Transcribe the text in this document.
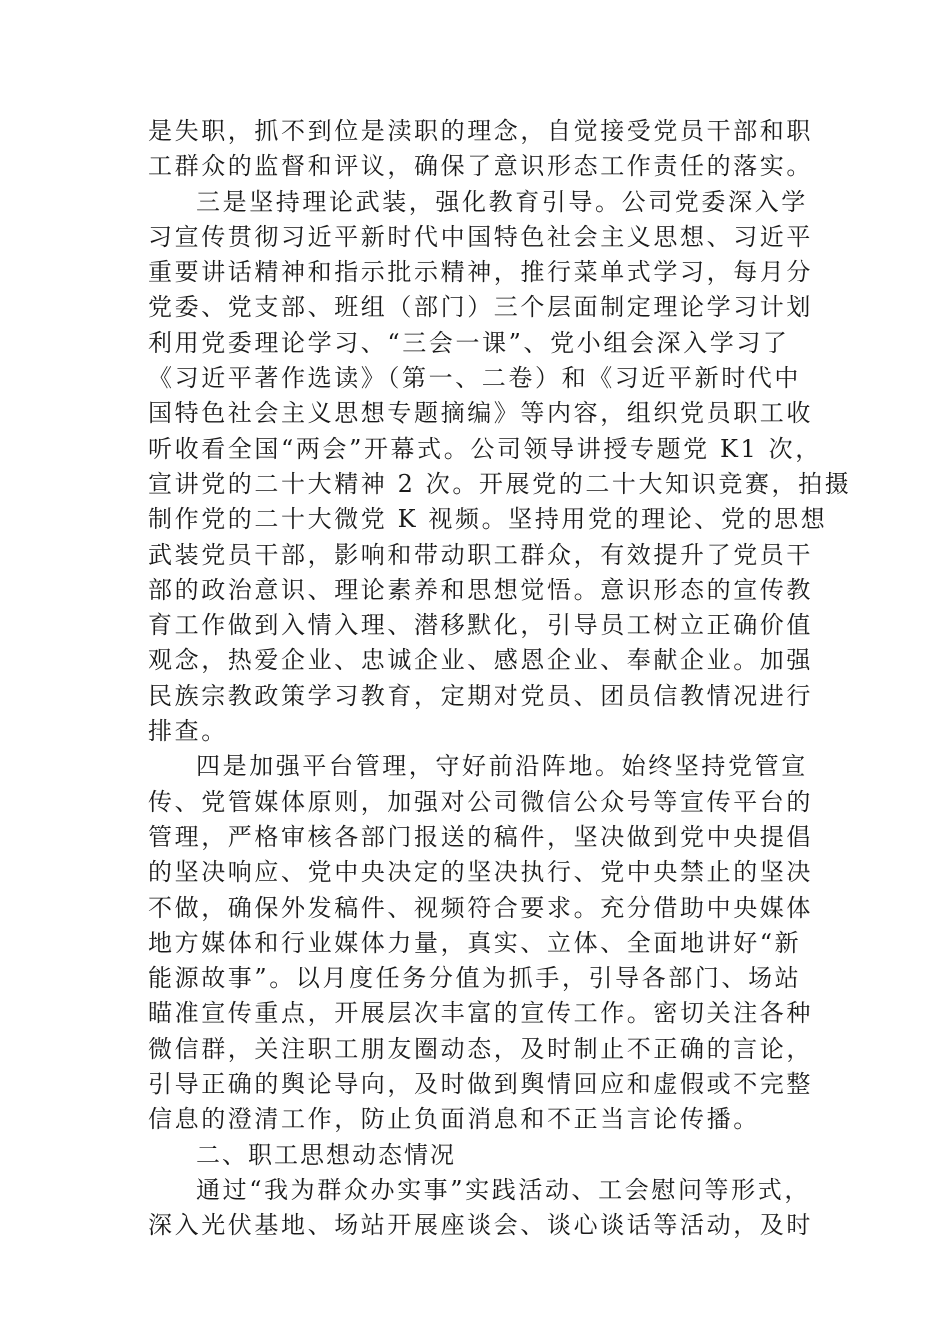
是失职，抓不到位是渎职的理念，自觉接受党员干部和职
工群众的监督和评议，确保了意识形态工作责任的落实。
三是坚持理论武装，强化教育引导。公司党委深入学
习宣传贯彻习近平新时代中国特色社会主义思想、习近平
重要讲话精神和指示批示精神，推行菜单式学习，每月分
党委、党支部、班组（部门）三个层面制定理论学习计划
利用党委理论学习、“三会一课”、党小组会深入学习了
《习近平著作选读》（第一、二卷）和《习近平新时代中
国特色社会主义思想专题摘编》等内容，组织党员职工收
听收看全国“两会”开幕式。公司领导讲授专题党 K1 次，
宣讲党的二十大精神 2 次。开展党的二十大知识竞赛，拍摄
制作党的二十大微党 K 视频。坚持用党的理论、党的思想
武装党员干部，影响和带动职工群众，有效提升了党员干
部的政治意识、理论素养和思想觉悟。意识形态的宣传教
育工作做到入情入理、潜移默化，引导员工树立正确价值
观念，热爱企业、忠诚企业、感恩企业、奉献企业。加强
民族宗教政策学习教育，定期对党员、团员信教情况进行
排查。
四是加强平台管理，守好前沿阵地。始终坚持党管宣
传、党管媒体原则，加强对公司微信公众号等宣传平台的
管理，严格审核各部门报送的稿件，坚决做到党中央提倡
的坚决响应、党中央决定的坚决执行、党中央禁止的坚决
不做，确保外发稿件、视频符合要求。充分借助中央媒体
地方媒体和行业媒体力量，真实、立体、全面地讲好“新
能源故事”。以月度任务分值为抓手，引导各部门、场站
瞄准宣传重点，开展层次丰富的宣传工作。密切关注各种
微信群，关注职工朋友圈动态，及时制止不正确的言论，
引导正确的舆论导向，及时做到舆情回应和虚假或不完整
信息的澄清工作，防止负面消息和不正当言论传播。
二、职工思想动态情况
通过“我为群众办实事”实践活动、工会慰问等形式，
深入光伏基地、场站开展座谈会、谈心谈话等活动，及时
